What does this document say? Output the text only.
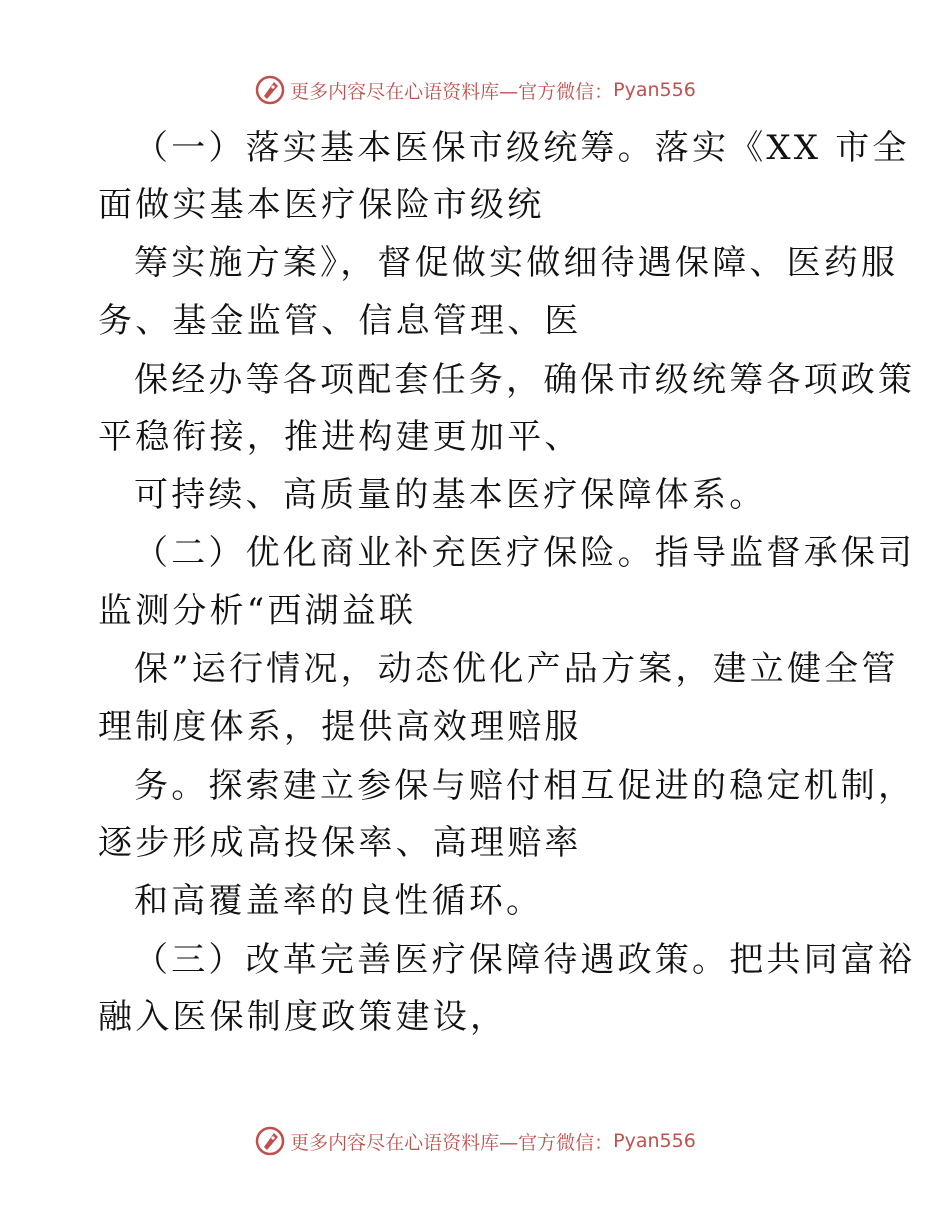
更多内容尽在心语资料库—官方微信： Pyan556
（一）落实基本医保市级统筹。落实《XX 市全
面做实基本医疗保险市级统
筹实施方案》，督促做实做细待遇保障、医药服
务、基金监管、信息管理、医
保经办等各项配套任务，确保市级统筹各项政策
平稳衔接，推进构建更加平、
可持续、高质量的基本医疗保障体系。
（二）优化商业补充医疗保险。指导监督承保司
监测分析“西湖益联
保”运行情况，动态优化产品方案，建立健全管
理制度体系，提供高效理赔服
务。探索建立参保与赔付相互促进的稳定机制，
逐步形成高投保率、高理赔率
和高覆盖率的良性循环。
（三）改革完善医疗保障待遇政策。把共同富裕
融入医保制度政策建设，
更多内容尽在心语资料库—官方微信： Pyan556
